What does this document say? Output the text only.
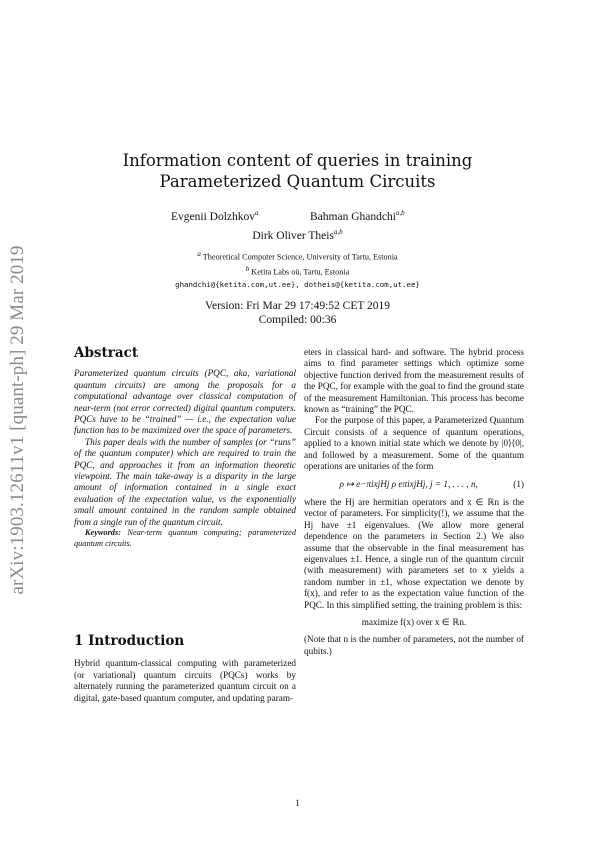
arXiv:1903.12611v1 [quant-ph] 29 Mar 2019
Information content of queries in training
Parameterized Quantum Circuits
Evgenii Dolzhkov$^a$	Bahman Ghandchi$^{a,b}$
Dirk Oliver Theis$^{a,b}$
a Theoretical Computer Science, University of Tartu, Estonia
b Ketita Labs oü, Tartu, Estonia
ghandchi@{ketita.com,ut.ee}, dotheis@{ketita.com,ut.ee}
Version: Fri Mar 29 17:49:52 CET 2019
Compiled: 00:36
Abstract

Parameterized quantum circuits (PQC, aka, variational quantum circuits) are among the proposals for a computational advantage over classical computation of near-term (not error corrected) digital quantum computers. PQCs have to be “trained” — i.e., the expectation value function has to be maximized over the space of parameters.

This paper deals with the number of samples (or “runs” of the quantum computer) which are required to train the PQC, and approaches it from an information theoretic viewpoint. The main take-away is a disparity in the large amount of information contained in a single exact evaluation of the expectation value, vs the exponentially small amount contained in the random sample obtained from a single run of the quantum circuit.

Keywords: Near-term quantum computing; parameterized quantum circuits.

1 Introduction

Hybrid quantum-classical computing with parameterized (or variational) quantum circuits (PQCs) works by alternately running the parameterized quantum circuit on a digital, gate-based quantum computer, and updating param-

eters in classical hard- and software. The hybrid process aims to find parameter settings which optimize some objective function derived from the measurement results of the PQC, for example with the goal to find the ground state of the measurement Hamiltonian. This process has become known as “training” the PQC.

For the purpose of this paper, a Parameterized Quantum Circuit consists of a sequence of quantum operations, applied to a known initial state which we denote by |0⟩⟨0|, and followed by a measurement. Some of the quantum operations are unitaries of the form

ρ ↦ e−πixjHj ρ eπixjHj, j = 1, . . . , n,	(1)

where the Hj are hermitian operators and x ∈ ℝn is the vector of parameters. For simplicity(!), we assume that the Hj have ±1 eigenvalues. (We allow more general dependence on the parameters in Section 2.) We also assume that the observable in the final measurement has eigenvalues ±1. Hence, a single run of the quantum circuit (with measurement) with parameters set to x yields a random number in ±1, whose expectation we denote by f(x), and refer to as the expectation value function of the PQC. In this simplified setting, the training problem is this:

maximize f(x) over x ∈ ℝn.

(Note that n is the number of parameters, not the number of qubits.)

1
